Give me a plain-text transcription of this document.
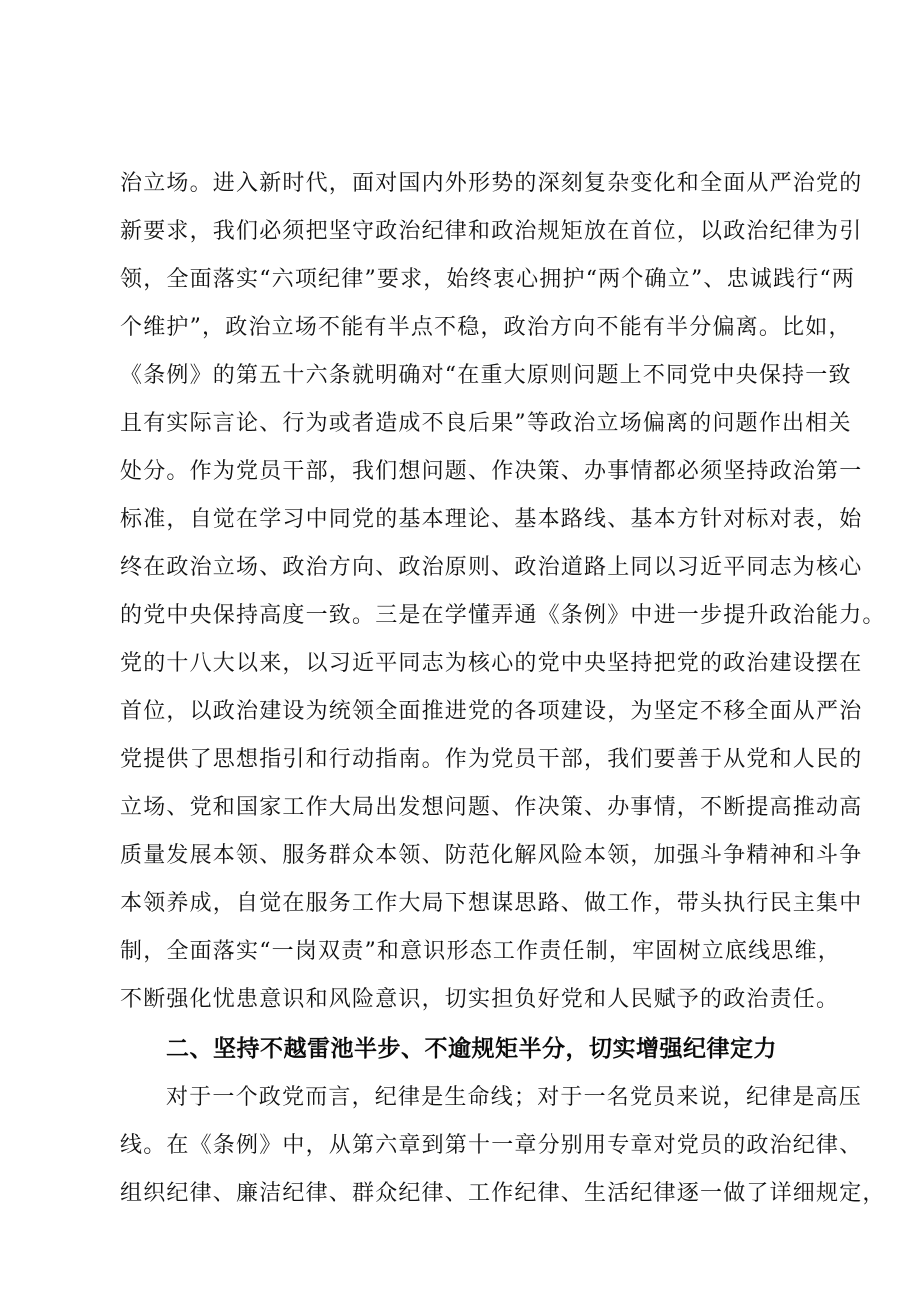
治立场。进入新时代，面对国内外形势的深刻复杂变化和全面从严治党的
新要求，我们必须把坚守政治纪律和政治规矩放在首位，以政治纪律为引
领，全面落实“六项纪律”要求，始终衷心拥护“两个确立”、忠诚践行“两
个维护”，政治立场不能有半点不稳，政治方向不能有半分偏离。比如，
《条例》的第五十六条就明确对“在重大原则问题上不同党中央保持一致
且有实际言论、行为或者造成不良后果”等政治立场偏离的问题作出相关
处分。作为党员干部，我们想问题、作决策、办事情都必须坚持政治第一
标准，自觉在学习中同党的基本理论、基本路线、基本方针对标对表，始
终在政治立场、政治方向、政治原则、政治道路上同以习近平同志为核心
的党中央保持高度一致。三是在学懂弄通《条例》中进一步提升政治能力。
党的十八大以来，以习近平同志为核心的党中央坚持把党的政治建设摆在
首位，以政治建设为统领全面推进党的各项建设，为坚定不移全面从严治
党提供了思想指引和行动指南。作为党员干部，我们要善于从党和人民的
立场、党和国家工作大局出发想问题、作决策、办事情，不断提高推动高
质量发展本领、服务群众本领、防范化解风险本领，加强斗争精神和斗争
本领养成，自觉在服务工作大局下想谋思路、做工作，带头执行民主集中
制，全面落实“一岗双责”和意识形态工作责任制，牢固树立底线思维，
不断强化忧患意识和风险意识，切实担负好党和人民赋予的政治责任。
二、坚持不越雷池半步、不逾规矩半分，切实增强纪律定力
对于一个政党而言，纪律是生命线；对于一名党员来说，纪律是高压
线。在《条例》中，从第六章到第十一章分别用专章对党员的政治纪律、
组织纪律、廉洁纪律、群众纪律、工作纪律、生活纪律逐一做了详细规定，
